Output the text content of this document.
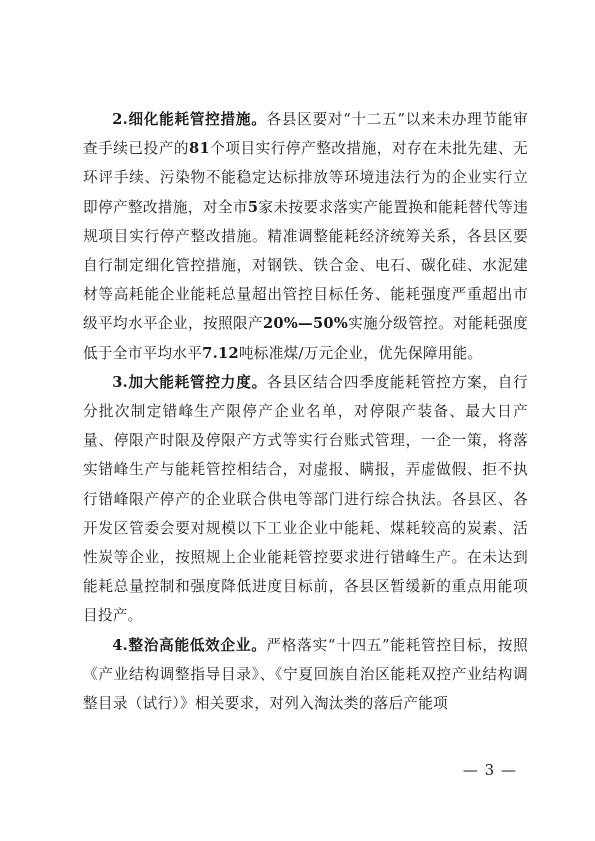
2.细化能耗管控措施。各县区要对“十二五”以来未办理节能审查手续已投产的81个项目实行停产整改措施，对存在未批先建、无环评手续、污染物不能稳定达标排放等环境违法行为的企业实行立即停产整改措施，对全市5家未按要求落实产能置换和能耗替代等违规项目实行停产整改措施。精准调整能耗经济统筹关系，各县区要自行制定细化管控措施，对钢铁、铁合金、电石、碳化硅、水泥建材等高耗能企业能耗总量超出管控目标任务、能耗强度严重超出市级平均水平企业，按照限产20%—50%实施分级管控。对能耗强度低于全市平均水平7.12吨标准煤/万元企业，优先保障用能。

3.加大能耗管控力度。各县区结合四季度能耗管控方案，自行分批次制定错峰生产限停产企业名单，对停限产装备、最大日产量、停限产时限及停限产方式等实行台账式管理，一企一策，将落实错峰生产与能耗管控相结合，对虚报、瞒报，弄虚做假、拒不执行错峰限产停产的企业联合供电等部门进行综合执法。各县区、各开发区管委会要对规模以下工业企业中能耗、煤耗较高的炭素、活性炭等企业，按照规上企业能耗管控要求进行错峰生产。在未达到能耗总量控制和强度降低进度目标前，各县区暂缓新的重点用能项目投产。

4.整治高能低效企业。严格落实“十四五”能耗管控目标，按照《产业结构调整指导目录》、《宁夏回族自治区能耗双控产业结构调整目录（试行）》相关要求，对列入淘汰类的落后产能项

— 3 —
